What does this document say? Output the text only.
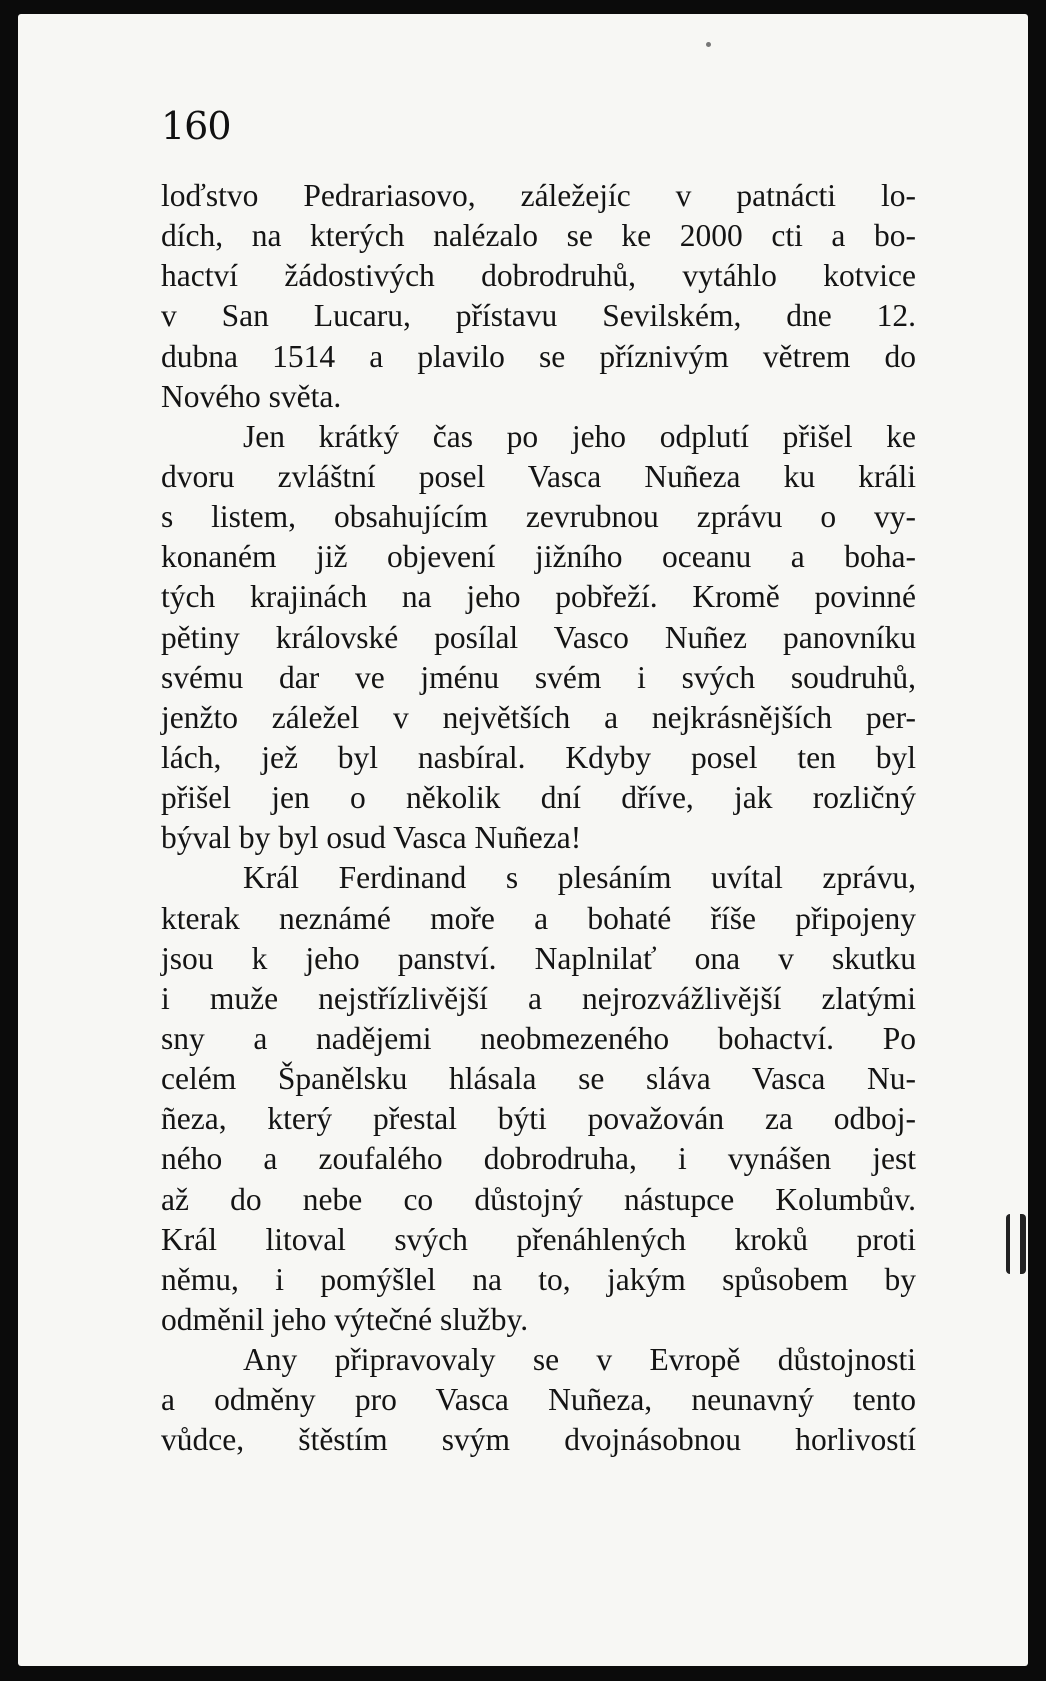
160
loďstvo Pedrariasovo, záležejíc v patnácti lo-
dích, na kterých nalézalo se ke 2000 cti a bo-
hactví žádostivých dobrodruhů, vytáhlo kotvice
v San Lucaru, přístavu Sevilském, dne 12.
dubna 1514 a plavilo se příznivým větrem do
Nového světa.
Jen krátký čas po jeho odplutí přišel ke
dvoru zvláštní posel Vasca Nuñeza ku králi
s listem, obsahujícím zevrubnou zprávu o vy-
konaném již objevení jižního oceanu a boha-
tých krajinách na jeho pobřeží. Kromě povinné
pětiny královské posílal Vasco Nuñez panovníku
svému dar ve jménu svém i svých soudruhů,
jenžto záležel v největších a nejkrásnějších per-
lách, jež byl nasbíral. Kdyby posel ten byl
přišel jen o několik dní dříve, jak rozličný
býval by byl osud Vasca Nuñeza!
Král Ferdinand s plesáním uvítal zprávu,
kterak neznámé moře a bohaté říše připojeny
jsou k jeho panství. Naplnilať ona v skutku
i muže nejstřízlivější a nejrozvážlivější zlatými
sny a nadějemi neobmezeného bohactví. Po
celém Španělsku hlásala se sláva Vasca Nu-
ñeza, který přestal býti považován za odboj-
ného a zoufalého dobrodruha, i vynášen jest
až do nebe co důstojný nástupce Kolumbův.
Král litoval svých přenáhlených kroků proti
němu, i pomýšlel na to, jakým spůsobem by
odměnil jeho výtečné služby.
Any připravovaly se v Evropě důstojnosti
a odměny pro Vasca Nuñeza, neunavný tento
vůdce, štěstím svým dvojnásobnou horlivostí
